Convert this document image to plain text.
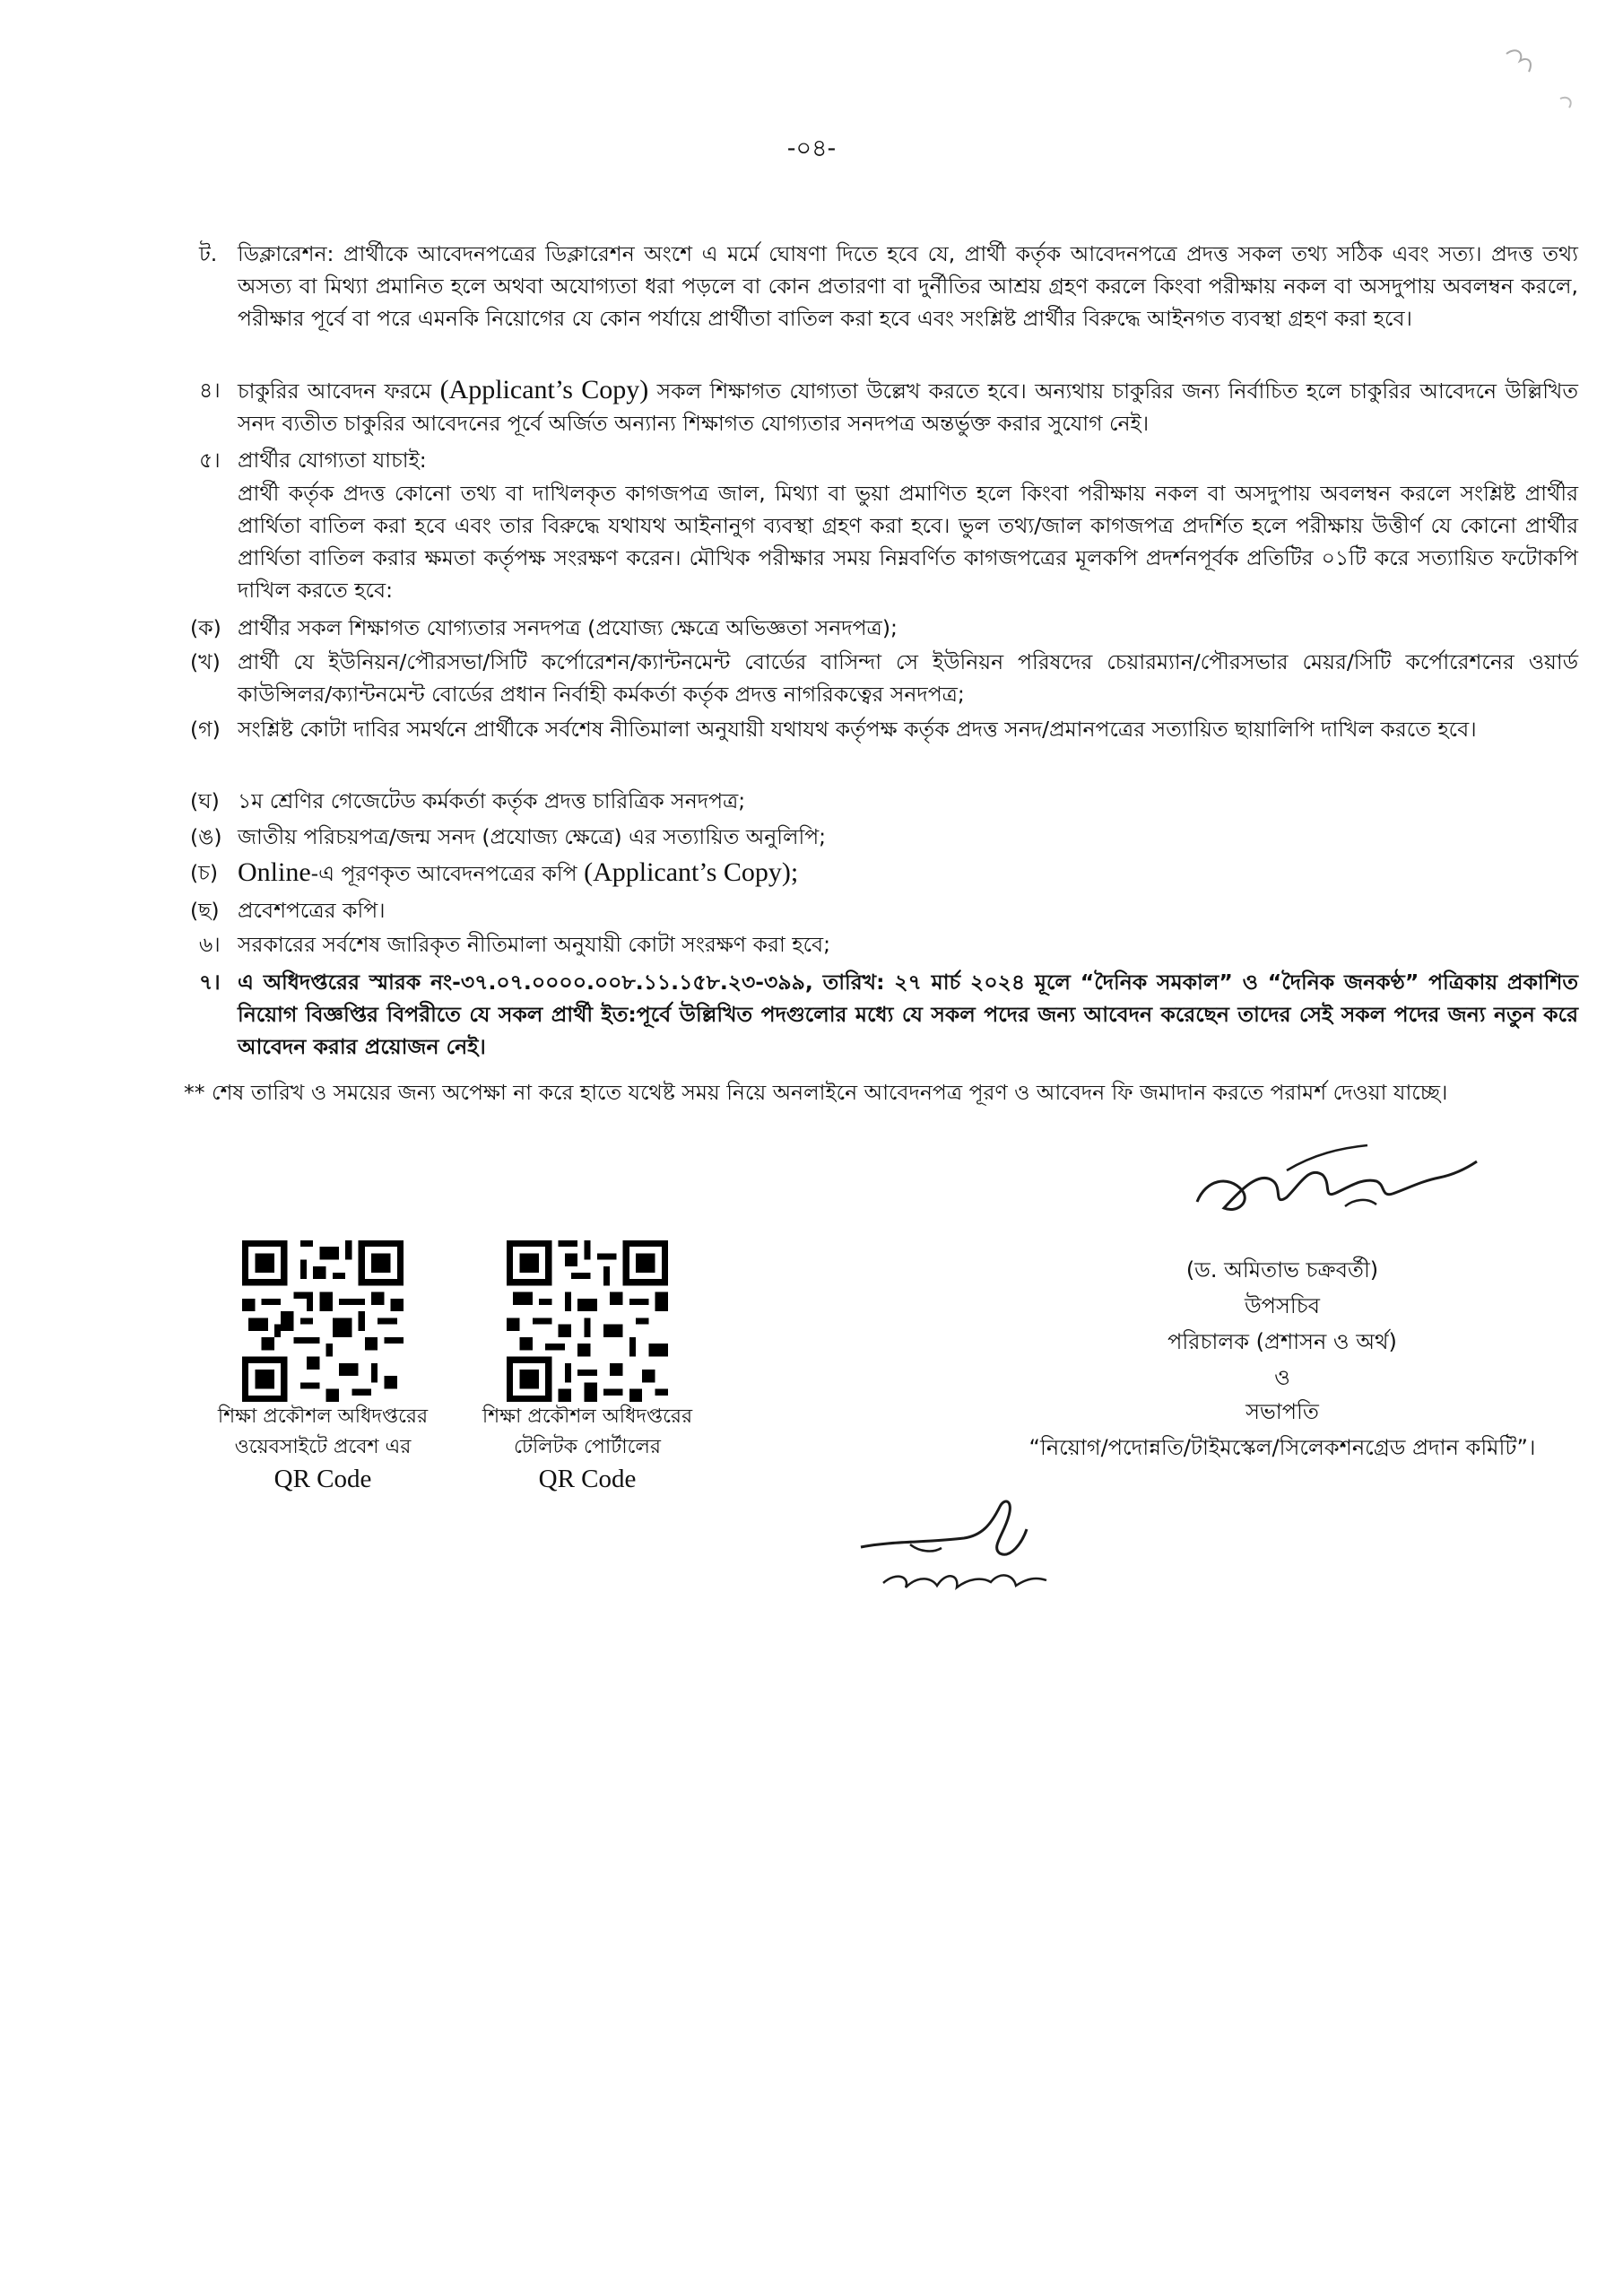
-০৪-
ট. ডিক্লারেশন: প্রার্থীকে আবেদনপত্রের ডিক্লারেশন অংশে এ মর্মে ঘোষণা দিতে হবে যে, প্রার্থী কর্তৃক আবেদনপত্রে প্রদত্ত সকল তথ্য সঠিক এবং সত্য। প্রদত্ত তথ্য অসত্য বা মিথ্যা প্রমানিত হলে অথবা অযোগ্যতা ধরা পড়লে বা কোন প্রতারণা বা দুর্নীতির আশ্রয় গ্রহণ করলে কিংবা পরীক্ষায় নকল বা অসদুপায় অবলম্বন করলে, পরীক্ষার পূর্বে বা পরে এমনকি নিয়োগের যে কোন পর্যায়ে প্রার্থীতা বাতিল করা হবে এবং সংশ্লিষ্ট প্রার্থীর বিরুদ্ধে আইনগত ব্যবস্থা গ্রহণ করা হবে।
৪। চাকুরির আবেদন ফরমে (Applicant’s Copy) সকল শিক্ষাগত যোগ্যতা উল্লেখ করতে হবে। অন্যথায় চাকুরির জন্য নির্বাচিত হলে চাকুরির আবেদনে উল্লিখিত সনদ ব্যতীত চাকুরির আবেদনের পূর্বে অর্জিত অন্যান্য শিক্ষাগত যোগ্যতার সনদপত্র অন্তর্ভুক্ত করার সুযোগ নেই।
৫। প্রার্থীর যোগ্যতা যাচাই:
প্রার্থী কর্তৃক প্রদত্ত কোনো তথ্য বা দাখিলকৃত কাগজপত্র জাল, মিথ্যা বা ভুয়া প্রমাণিত হলে কিংবা পরীক্ষায় নকল বা অসদুপায় অবলম্বন করলে সংশ্লিষ্ট প্রার্থীর প্রার্থিতা বাতিল করা হবে এবং তার বিরুদ্ধে যথাযথ আইনানুগ ব্যবস্থা গ্রহণ করা হবে। ভুল তথ্য/জাল কাগজপত্র প্রদর্শিত হলে পরীক্ষায় উত্তীর্ণ যে কোনো প্রার্থীর প্রার্থিতা বাতিল করার ক্ষমতা কর্তৃপক্ষ সংরক্ষণ করেন। মৌখিক পরীক্ষার সময় নিম্নবর্ণিত কাগজপত্রের মূলকপি প্রদর্শনপূর্বক প্রতিটির ০১টি করে সত্যায়িত ফটোকপি দাখিল করতে হবে:
(ক) প্রার্থীর সকল শিক্ষাগত যোগ্যতার সনদপত্র (প্রযোজ্য ক্ষেত্রে অভিজ্ঞতা সনদপত্র);
(খ) প্রার্থী যে ইউনিয়ন/পৌরসভা/সিটি কর্পোরেশন/ক্যান্টনমেন্ট বোর্ডের বাসিন্দা সে ইউনিয়ন পরিষদের চেয়ারম্যান/পৌরসভার মেয়র/সিটি কর্পোরেশনের ওয়ার্ড কাউন্সিলর/ক্যান্টনমেন্ট বোর্ডের প্রধান নির্বাহী কর্মকর্তা কর্তৃক প্রদত্ত নাগরিকত্বের সনদপত্র;
(গ) সংশ্লিষ্ট কোটা দাবির সমর্থনে প্রার্থীকে সর্বশেষ নীতিমালা অনুযায়ী যথাযথ কর্তৃপক্ষ কর্তৃক প্রদত্ত সনদ/প্রমানপত্রের সত্যায়িত ছায়ালিপি দাখিল করতে হবে।
(ঘ) ১ম শ্রেণির গেজেটেড কর্মকর্তা কর্তৃক প্রদত্ত চারিত্রিক সনদপত্র;
(ঙ) জাতীয় পরিচয়পত্র/জন্ম সনদ (প্রযোজ্য ক্ষেত্রে) এর সত্যায়িত অনুলিপি;
(চ) Online-এ পূরণকৃত আবেদনপত্রের কপি (Applicant’s Copy);
(ছ) প্রবেশপত্রের কপি।
৬। সরকারের সর্বশেষ জারিকৃত নীতিমালা অনুযায়ী কোটা সংরক্ষণ করা হবে;
৭। এ অধিদপ্তরের স্মারক নং-৩৭.০৭.০০০০.০০৮.১১.১৫৮.২৩-৩৯৯, তারিখ: ২৭ মার্চ ২০২৪ মূলে “দৈনিক সমকাল” ও “দৈনিক জনকণ্ঠ” পত্রিকায় প্রকাশিত নিয়োগ বিজ্ঞপ্তির বিপরীতে যে সকল প্রার্থী ইত:পূর্বে উল্লিখিত পদগুলোর মধ্যে যে সকল পদের জন্য আবেদন করেছেন তাদের সেই সকল পদের জন্য নতুন করে আবেদন করার প্রয়োজন নেই।
** শেষ তারিখ ও সময়ের জন্য অপেক্ষা না করে হাতে যথেষ্ট সময় নিয়ে অনলাইনে আবেদনপত্র পূরণ ও আবেদন ফি জমাদান করতে পরামর্শ দেওয়া যাচ্ছে।
শিক্ষা প্রকৌশল অধিদপ্তরের
ওয়েবসাইটে প্রবেশ এর
QR Code
শিক্ষা প্রকৌশল অধিদপ্তরের
টেলিটক পোর্টালের
QR Code
(ড. অমিতাভ চক্রবর্তী)
উপসচিব
পরিচালক (প্রশাসন ও অর্থ)
ও
সভাপতি
“নিয়োগ/পদোন্নতি/টাইমস্কেল/সিলেকশনগ্রেড প্রদান কমিটি”।
